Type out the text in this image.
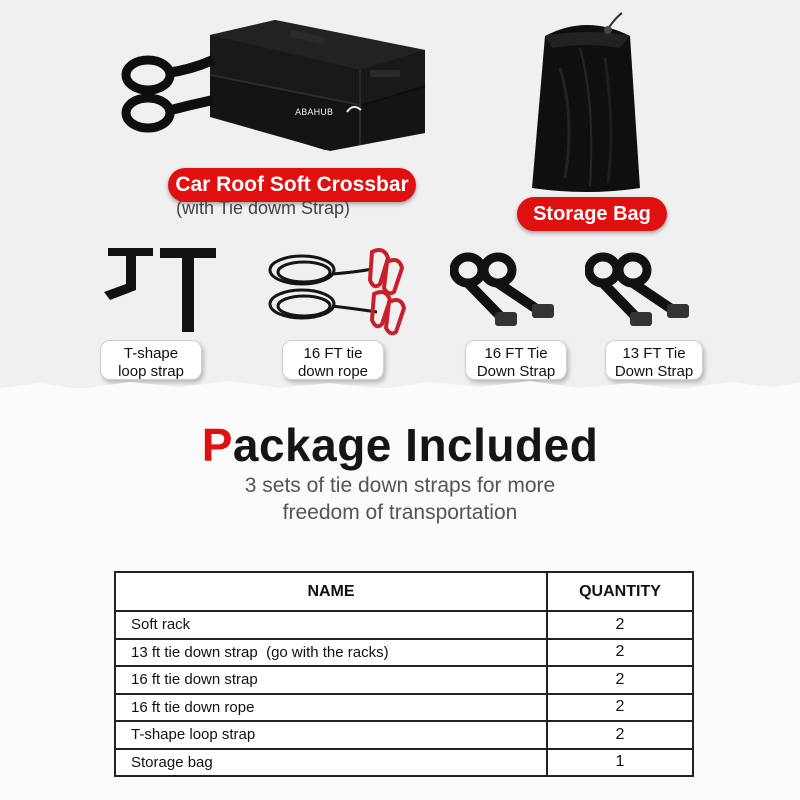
ABAHUB
Car Roof Soft Crossbar
(with Tie dowm Strap)	Storage Bag
T-shape
loop strap
16 FT tie
down rope
16 FT Tie
Down Strap
13 FT Tie
Down Strap
Package Included
3 sets of tie down straps for more
freedom of transportation
NAME	QUANTITY
Soft rack	2
13 ft tie down strap  (go with the racks)	2
16 ft tie down strap	2
16 ft tie down rope	2
T-shape loop strap	2
Storage bag	1
